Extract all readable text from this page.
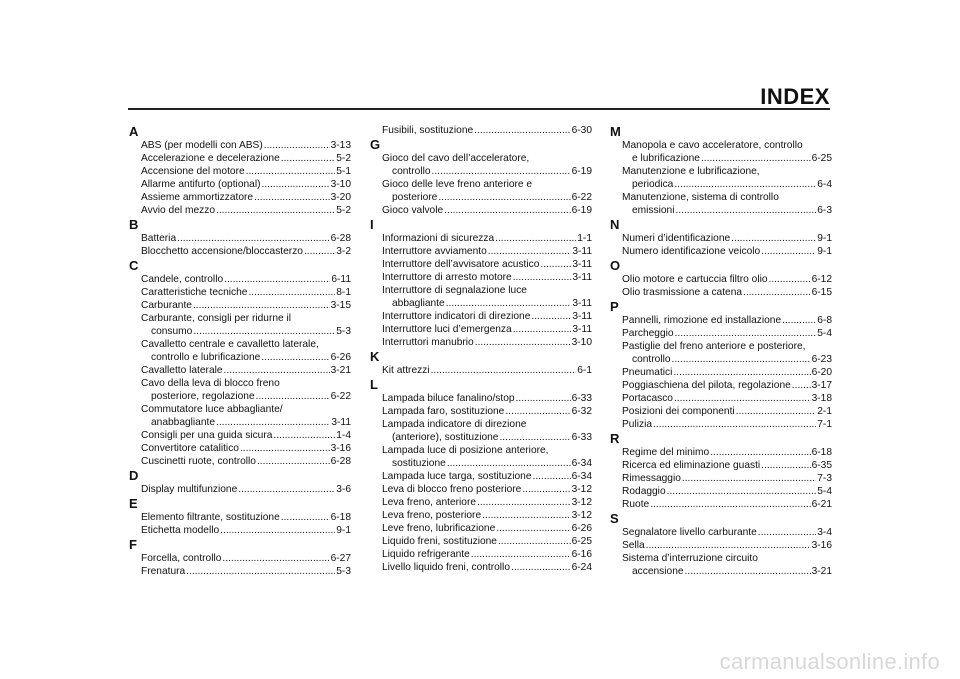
INDEX
A
ABS (per modelli con ABS) .....	3-13
Accelerazione e decelerazione .....	5-2
Accensione del motore .....	5-1
Allarme antifurto (optional) .....	3-10
Assieme ammortizzatore .....	3-20
Avvio del mezzo .....	5-2
B
Batteria .....	6-28
Blocchetto accensione/bloccasterzo .....	3-2
C
Candele, controllo .....	6-11
Caratteristiche tecniche .....	8-1
Carburante .....	3-15
Carburante, consigli per ridurne il
consumo .....	5-3
Cavalletto centrale e cavalletto laterale,
controllo e lubrificazione .....	6-26
Cavalletto laterale .....	3-21
Cavo della leva di blocco freno
posteriore, regolazione .....	6-22
Commutatore luce abbagliante/
anabbagliante .....	3-11
Consigli per una guida sicura .....	1-4
Convertitore catalitico .....	3-16
Cuscinetti ruote, controllo .....	6-28
D
Display multifunzione .....	3-6
E
Elemento filtrante, sostituzione .....	6-18
Etichetta modello .....	9-1
F
Forcella, controllo .....	6-27
Frenatura .....	5-3
Fusibili, sostituzione .....	6-30
G
Gioco del cavo dell’acceleratore,
controllo .....	6-19
Gioco delle leve freno anteriore e
posteriore .....	6-22
Gioco valvole .....	6-19
I
Informazioni di sicurezza .....	1-1
Interruttore avviamento .....	3-11
Interruttore dell’avvisatore acustico .....	3-11
Interruttore di arresto motore .....	3-11
Interruttore di segnalazione luce
abbagliante .....	3-11
Interruttore indicatori di direzione .....	3-11
Interruttore luci d’emergenza .....	3-11
Interruttori manubrio .....	3-10
K
Kit attrezzi .....	6-1
L
Lampada biluce fanalino/stop .....	6-33
Lampada faro, sostituzione .....	6-32
Lampada indicatore di direzione
(anteriore), sostituzione .....	6-33
Lampada luce di posizione anteriore,
sostituzione .....	6-34
Lampada luce targa, sostituzione .....	6-34
Leva di blocco freno posteriore .....	3-12
Leva freno, anteriore .....	3-12
Leva freno, posteriore .....	3-12
Leve freno, lubrificazione .....	6-26
Liquido freni, sostituzione .....	6-25
Liquido refrigerante .....	6-16
Livello liquido freni, controllo .....	6-24
M
Manopola e cavo acceleratore, controllo
e lubrificazione .....	6-25
Manutenzione e lubrificazione,
periodica .....	6-4
Manutenzione, sistema di controllo
emissioni .....	6-3
N
Numeri d’identificazione .....	9-1
Numero identificazione veicolo .....	9-1
O
Olio motore e cartuccia filtro olio .....	6-12
Olio trasmissione a catena .....	6-15
P
Pannelli, rimozione ed installazione .....	6-8
Parcheggio .....	5-4
Pastiglie del freno anteriore e posteriore,
controllo .....	6-23
Pneumatici .....	6-20
Poggiaschiena del pilota, regolazione ..... 3-17
Portacasco .....	3-18
Posizioni dei componenti .....	2-1
Pulizia .....	7-1
R
Regime del minimo .....	6-18
Ricerca ed eliminazione guasti .....	6-35
Rimessaggio .....	7-3
Rodaggio .....	5-4
Ruote .....	6-21
S
Segnalatore livello carburante .....	3-4
Sella .....	3-16
Sistema d’interruzione circuito
accensione .....	3-21
carmanualsonline.info
